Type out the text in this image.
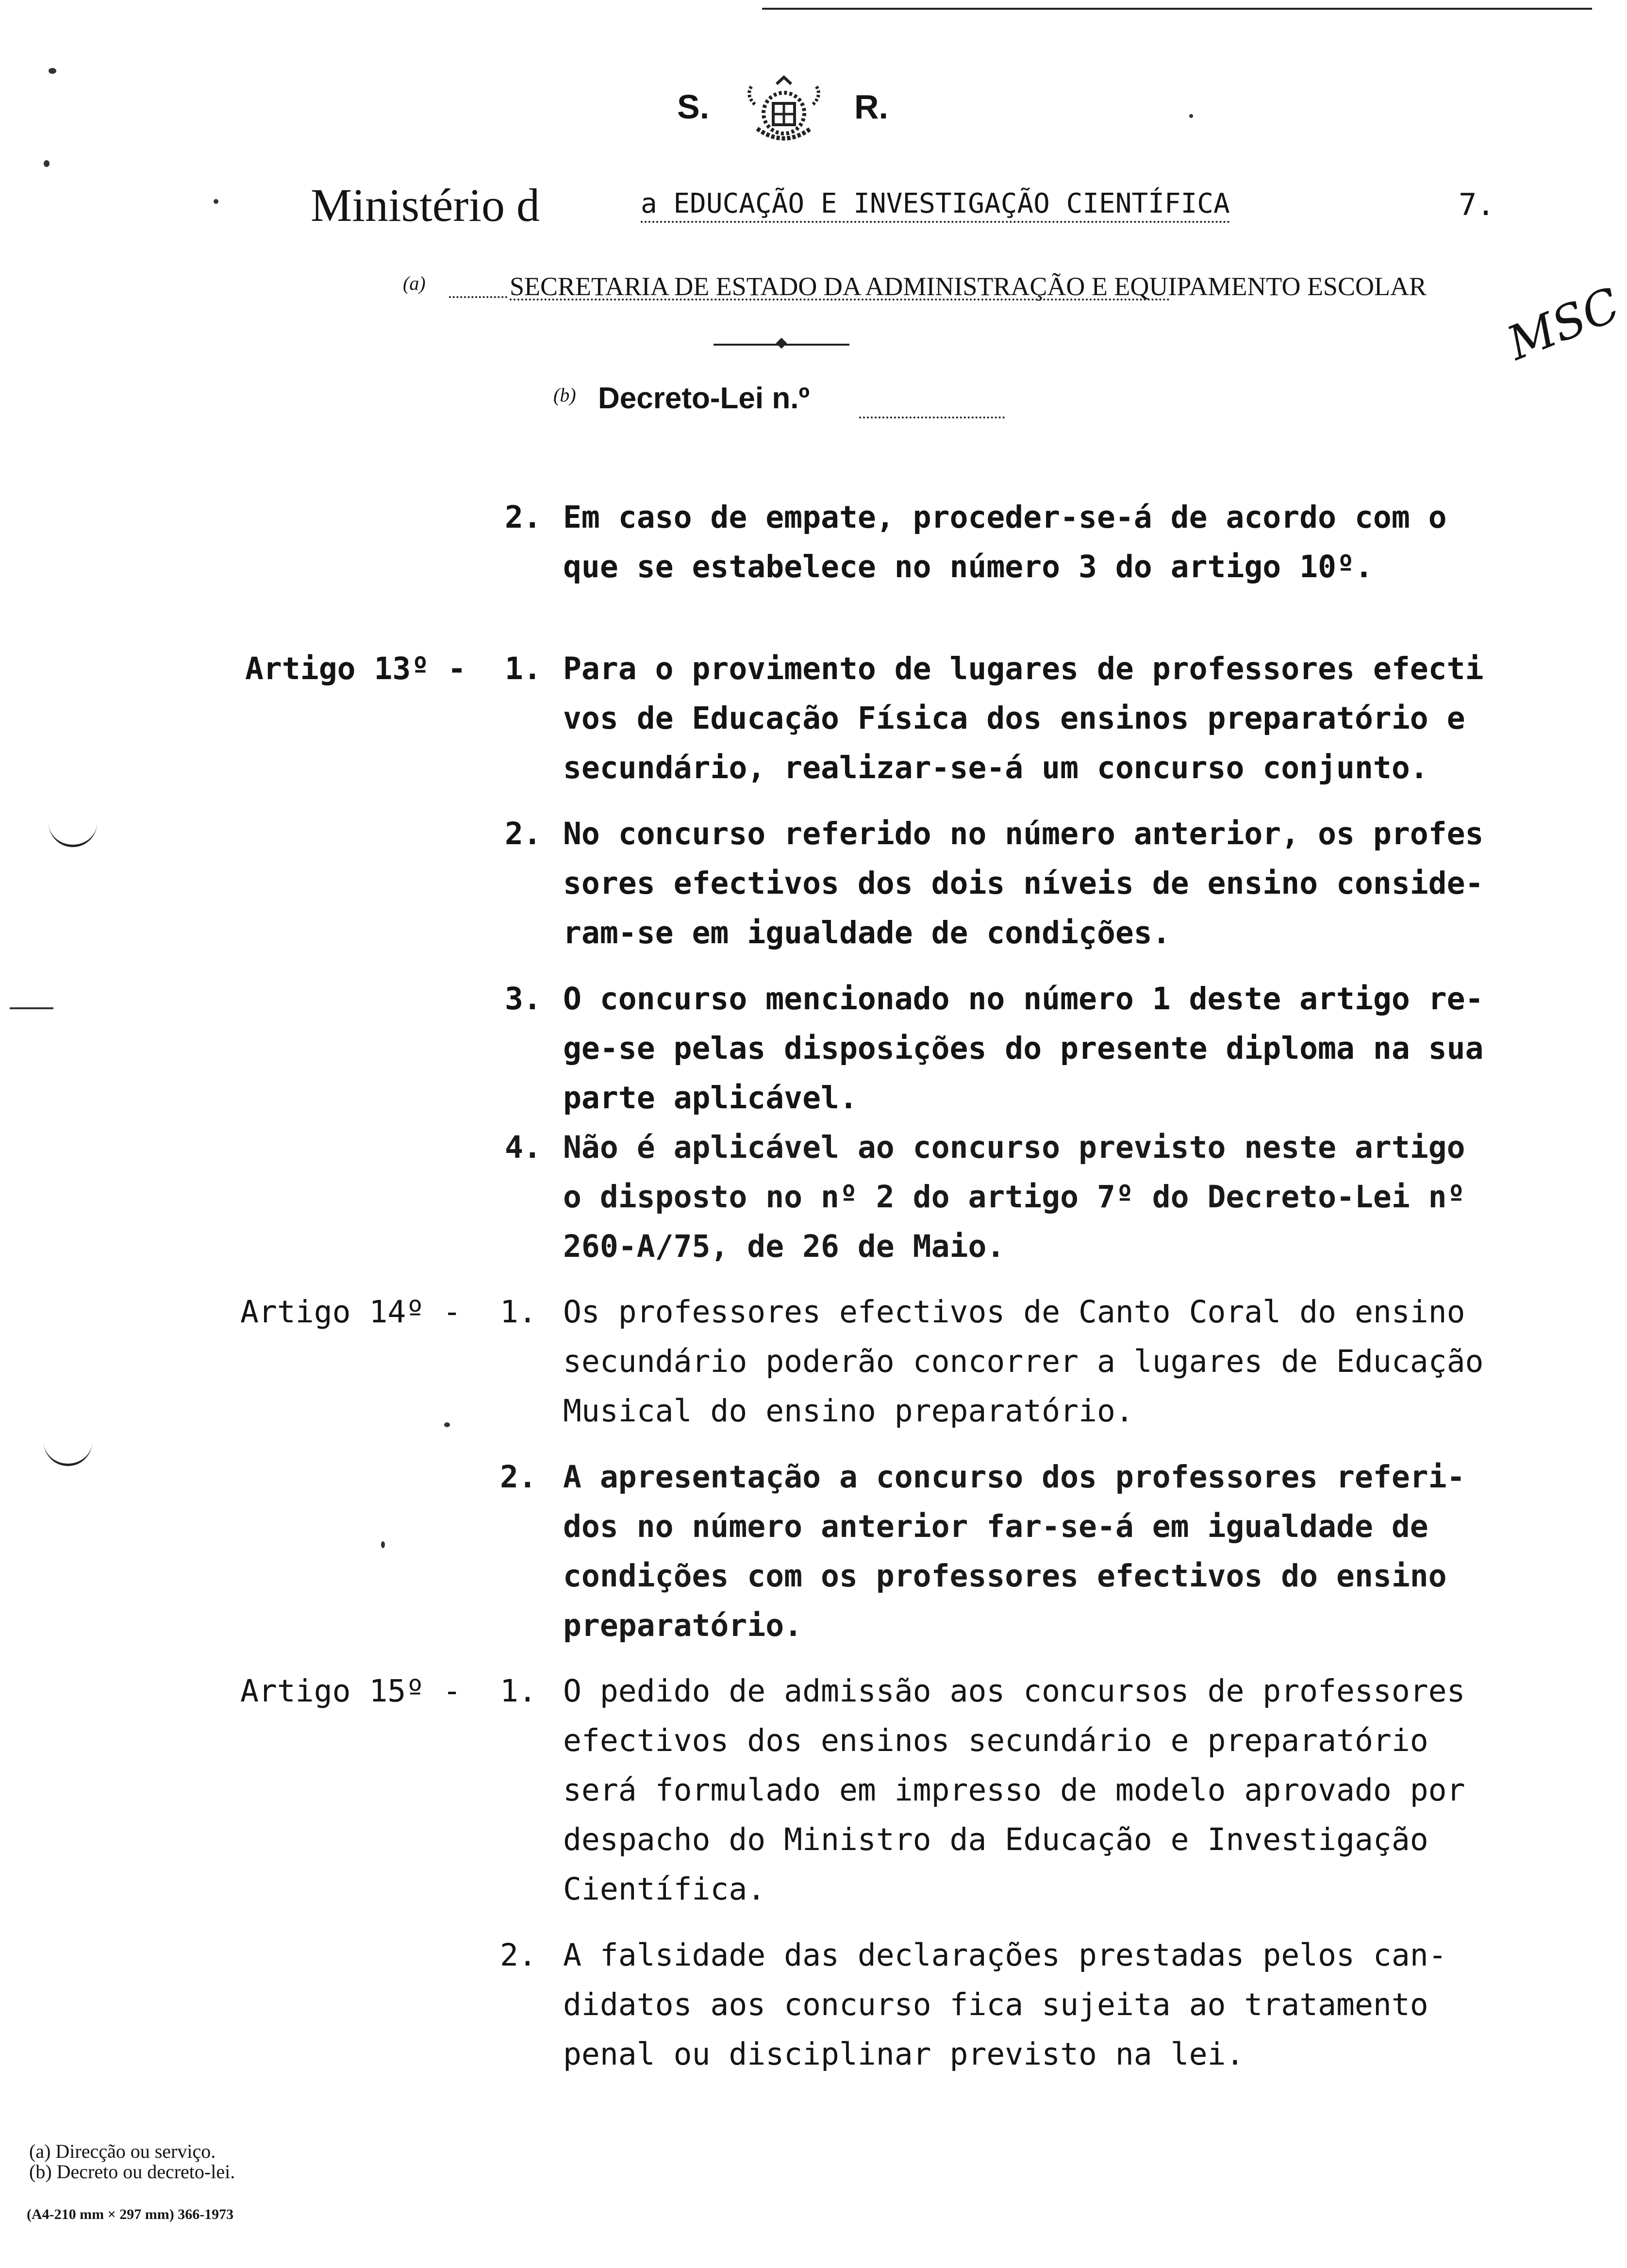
S.	R.
Ministério d	a EDUCAÇÃO E INVESTIGAÇÃO CIENTÍFICA	7.
(a)	SECRETARIA DE ESTADO DA ADMINISTRAÇÃO E EQUIPAMENTO ESCOLAR
(b) Decreto-Lei n.º
MSC
2. Em caso de empate, proceder-se-á de acordo com o
que se estabelece no número 3 do artigo 10º.
Artigo 13º - 1. Para o provimento de lugares de professores efecti
vos de Educação Física dos ensinos preparatório e
secundário, realizar-se-á um concurso conjunto.
2. No concurso referido no número anterior, os profes
sores efectivos dos dois níveis de ensino conside-
ram-se em igualdade de condições.
3. O concurso mencionado no número 1 deste artigo re-
ge-se pelas disposições do presente diploma na sua
parte aplicável.
4. Não é aplicável ao concurso previsto neste artigo
o disposto no nº 2 do artigo 7º do Decreto-Lei nº
260-A/75, de 26 de Maio.
Artigo 14º - 1. Os professores efectivos de Canto Coral do ensino
secundário poderão concorrer a lugares de Educação
Musical do ensino preparatório.
2. A apresentação a concurso dos professores referi-
dos no número anterior far-se-á em igualdade de
condições com os professores efectivos do ensino
preparatório.
Artigo 15º - 1. O pedido de admissão aos concursos de professores
efectivos dos ensinos secundário e preparatório
será formulado em impresso de modelo aprovado por
despacho do Ministro da Educação e Investigação
Científica.
2. A falsidade das declarações prestadas pelos can-
didatos aos concurso fica sujeita ao tratamento
penal ou disciplinar previsto na lei.
(a) Direcção ou serviço.
(b) Decreto ou decreto-lei.
(A4-210 mm × 297 mm) 366-1973
